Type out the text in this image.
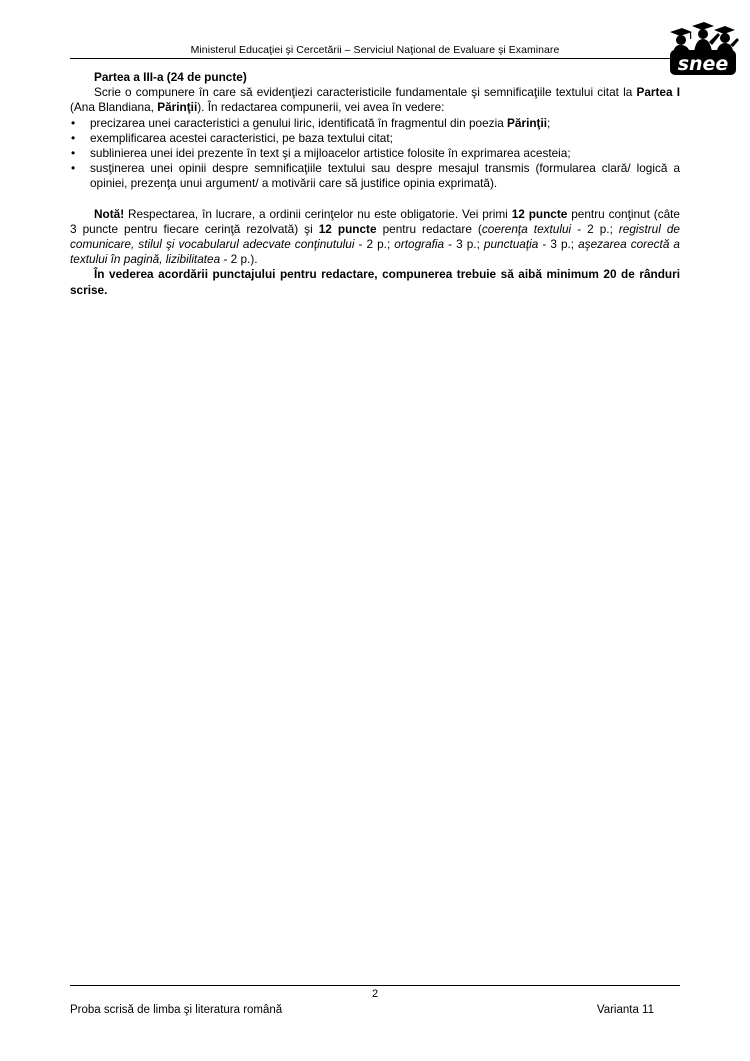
Ministerul Educaţiei şi Cercetării – Serviciul Naţional de Evaluare şi Examinare
snee

Partea a III-a (24 de puncte)

Scrie o compunere în care să evidenţiezi caracteristicile fundamentale şi semnificaţiile textului citat la Partea I (Ana Blandiana, Părinţii). În redactarea compunerii, vei avea în vedere:

• precizarea unei caracteristici a genului liric, identificată în fragmentul din poezia Părinţii;
• exemplificarea acestei caracteristici, pe baza textului citat;
• sublinierea unei idei prezente în text şi a mijloacelor artistice folosite în exprimarea acesteia;
• susţinerea unei opinii despre semnificaţiile textului sau despre mesajul transmis (formularea clară/ logică a opiniei, prezenţa unui argument/ a motivării care să justifice opinia exprimată).

Notă! Respectarea, în lucrare, a ordinii cerinţelor nu este obligatorie. Vei primi 12 puncte pentru conţinut (câte 3 puncte pentru fiecare cerinţă rezolvată) şi 12 puncte pentru redactare (coerenţa textului - 2 p.; registrul de comunicare, stilul şi vocabularul adecvate conţinutului - 2 p.; ortografia - 3 p.; punctuaţia - 3 p.; aşezarea corectă a textului în pagină, lizibilitatea - 2 p.).

În vederea acordării punctajului pentru redactare, compunerea trebuie să aibă minimum 20 de rânduri scrise.

2
Proba scrisă de limba şi literatura română	Varianta 11
